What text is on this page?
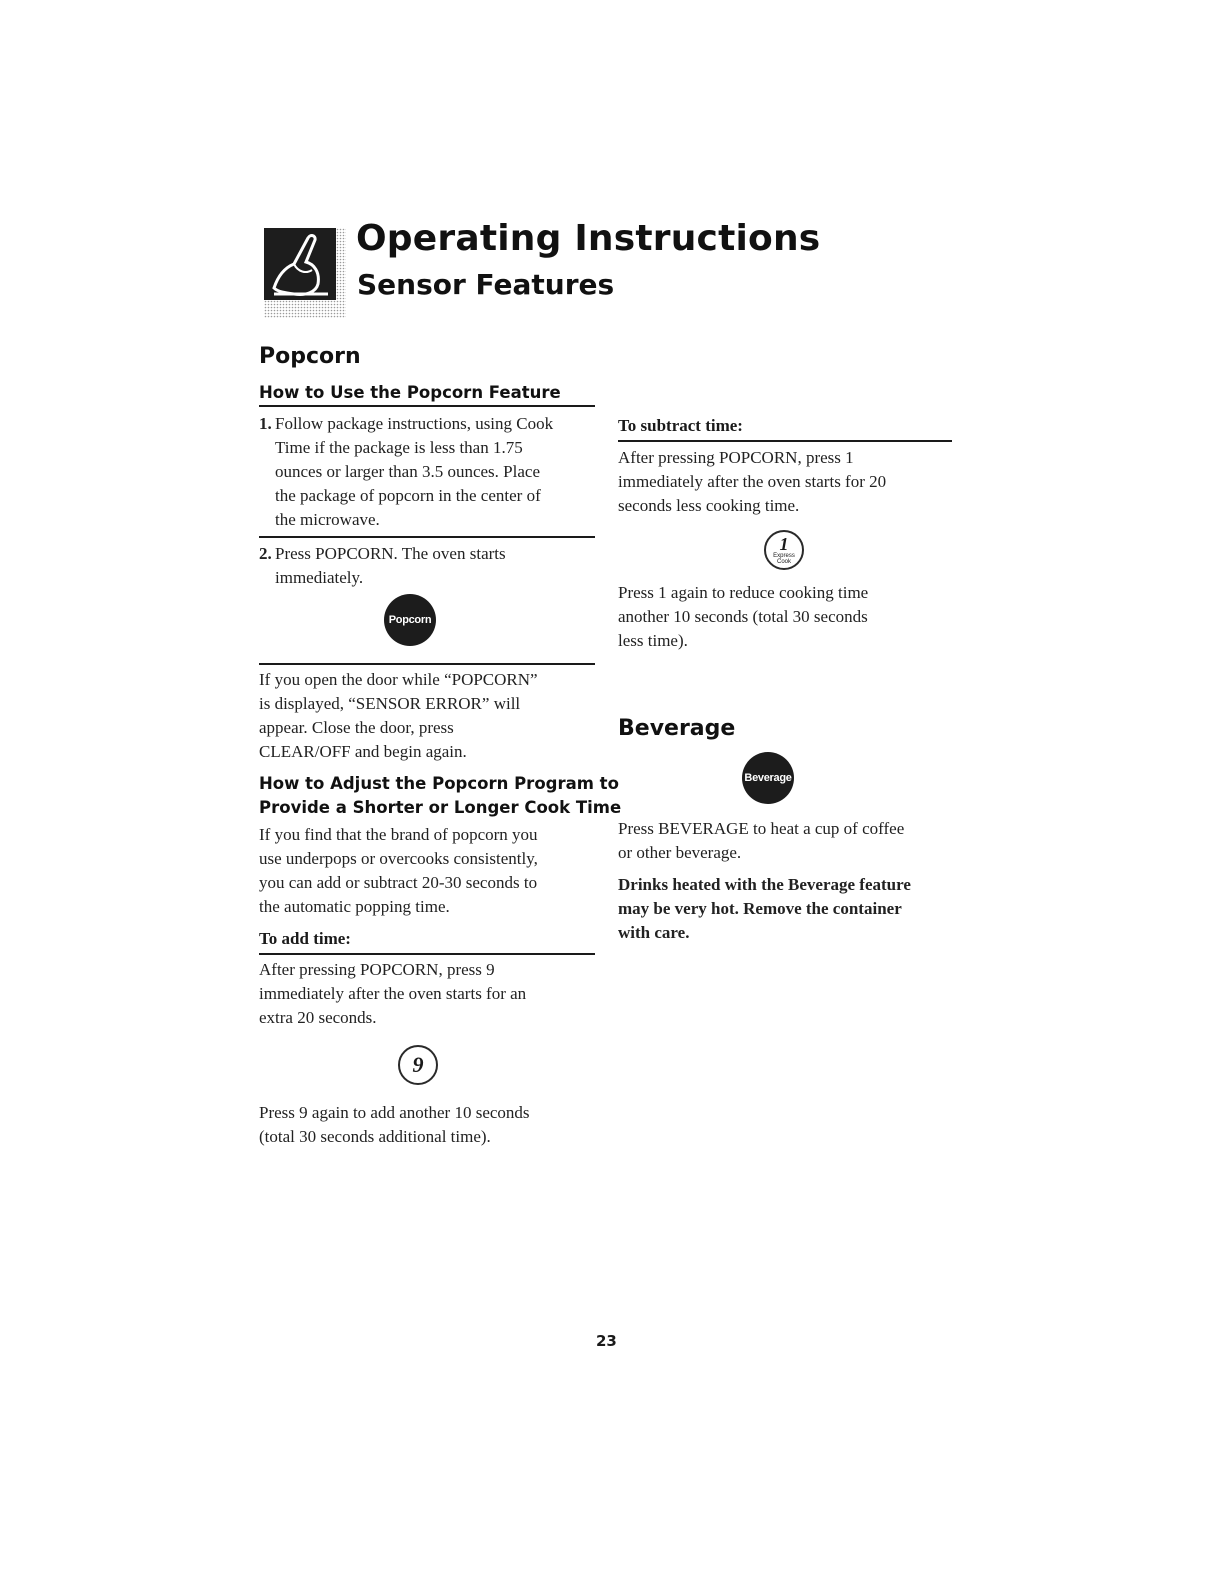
Operating Instructions
Sensor Features
Popcorn
How to Use the Popcorn Feature
1. Follow package instructions, using Cook

Time if the package is less than 1.75

ounces or larger than 3.5 ounces. Place

the package of popcorn in the center of

the microwave.

2. Press POPCORN. The oven starts

immediately.

Popcorn

If you open the door while “POPCORN”

is displayed, “SENSOR ERROR” will

appear. Close the door, press

CLEAR/OFF and begin again.

How to Adjust the Popcorn Program to
Provide a Shorter or Longer Cook Time

If you find that the brand of popcorn you

use underpops or overcooks consistently,

you can add or subtract 20-30 seconds to

the automatic popping time.

To add time:

After pressing POPCORN, press 9

immediately after the oven starts for an

extra 20 seconds.

9

Press 9 again to add another 10 seconds

(total 30 seconds additional time).

To subtract time:

After pressing POPCORN, press 1

immediately after the oven starts for 20

seconds less cooking time.

1
Express
Cook

Press 1 again to reduce cooking time

another 10 seconds (total 30 seconds

less time).

Beverage
Beverage

Press BEVERAGE to heat a cup of coffee

or other beverage.

Drinks heated with the Beverage feature

may be very hot. Remove the container

with care.

23
